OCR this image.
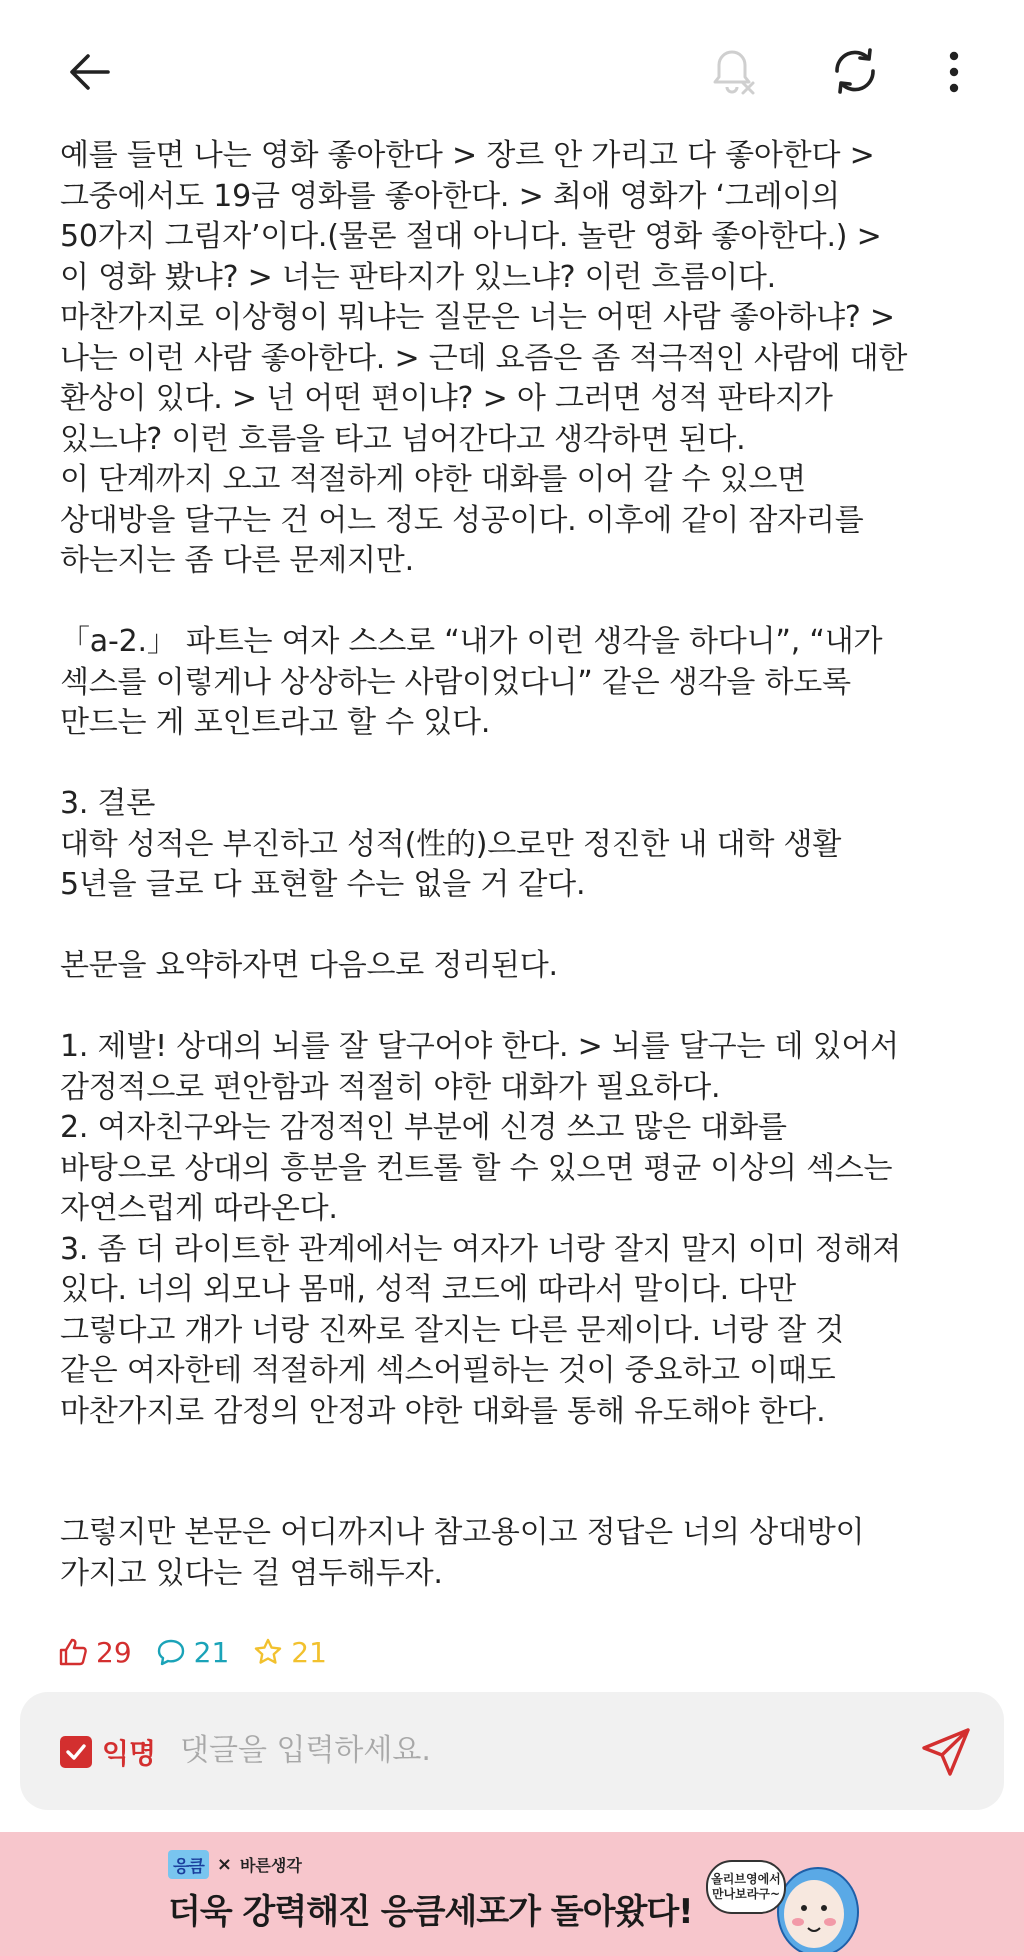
예를 들면 나는 영화 좋아한다 > 장르 안 가리고 다 좋아한다 >

그중에서도 19금 영화를 좋아한다. > 최애 영화가 ‘그레이의

50가지 그림자’이다.(물론 절대 아니다. 놀란 영화 좋아한다.) >

이 영화 봤냐? > 너는 판타지가 있느냐? 이런 흐름이다.

마찬가지로 이상형이 뭐냐는 질문은 너는 어떤 사람 좋아하냐? >

나는 이런 사람 좋아한다. > 근데 요즘은 좀 적극적인 사람에 대한

환상이 있다. > 넌 어떤 편이냐? > 아 그러면 성적 판타지가

있느냐? 이런 흐름을 타고 넘어간다고 생각하면 된다.

이 단계까지 오고 적절하게 야한 대화를 이어 갈 수 있으면

상대방을 달구는 건 어느 정도 성공이다. 이후에 같이 잠자리를

하는지는 좀 다른 문제지만.

「a-2.」 파트는 여자 스스로 “내가 이런 생각을 하다니”, “내가

섹스를 이렇게나 상상하는 사람이었다니” 같은 생각을 하도록

만드는 게 포인트라고 할 수 있다.

3. 결론

대학 성적은 부진하고 성적(性的)으로만 정진한 내 대학 생활

5년을 글로 다 표현할 수는 없을 거 같다.

본문을 요약하자면 다음으로 정리된다.

1. 제발! 상대의 뇌를 잘 달구어야 한다. > 뇌를 달구는 데 있어서

감정적으로 편안함과 적절히 야한 대화가 필요하다.

2. 여자친구와는 감정적인 부분에 신경 쓰고 많은 대화를

바탕으로 상대의 흥분을 컨트롤 할 수 있으면 평균 이상의 섹스는

자연스럽게 따라온다.

3. 좀 더 라이트한 관계에서는 여자가 너랑 잘지 말지 이미 정해져

있다. 너의 외모나 몸매, 성적 코드에 따라서 말이다. 다만

그렇다고 걔가 너랑 진짜로 잘지는 다른 문제이다. 너랑 잘 것

같은 여자한테 적절하게 섹스어필하는 것이 중요하고 이때도

마찬가지로 감정의 안정과 야한 대화를 통해 유도해야 한다.

그렇지만 본문은 어디까지나 참고용이고 정답은 너의 상대방이

가지고 있다는 걸 염두해두자.

29 21 21
익명
댓글을 입력하세요.
응큼 × 바른생각
더욱 강력해진 응큼세포가 돌아왔다!
올리브영에서 만나보라구~
